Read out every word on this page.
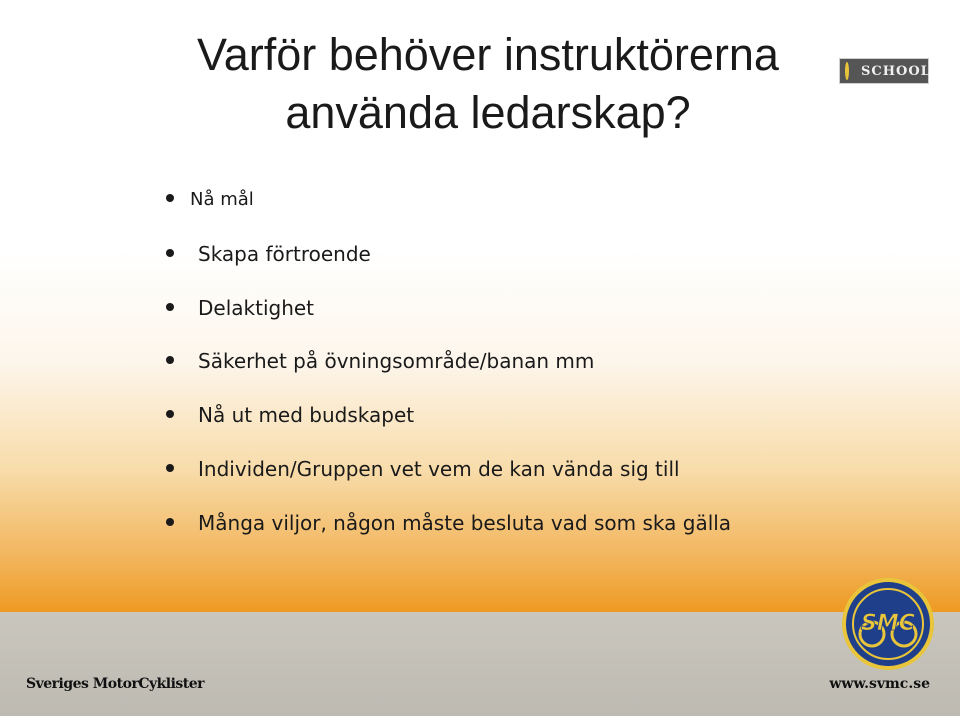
Varför behöver instruktörerna
använda ledarskap?
SCHOOL
Nå mål
Skapa förtroende
Delaktighet
Säkerhet på övningsområde/banan mm
Nå ut med budskapet
Individen/Gruppen vet vem de kan vända sig till
Många viljor, någon måste besluta vad som ska gälla
SMC

Sveriges MotorCyklister	www.svmc.se
